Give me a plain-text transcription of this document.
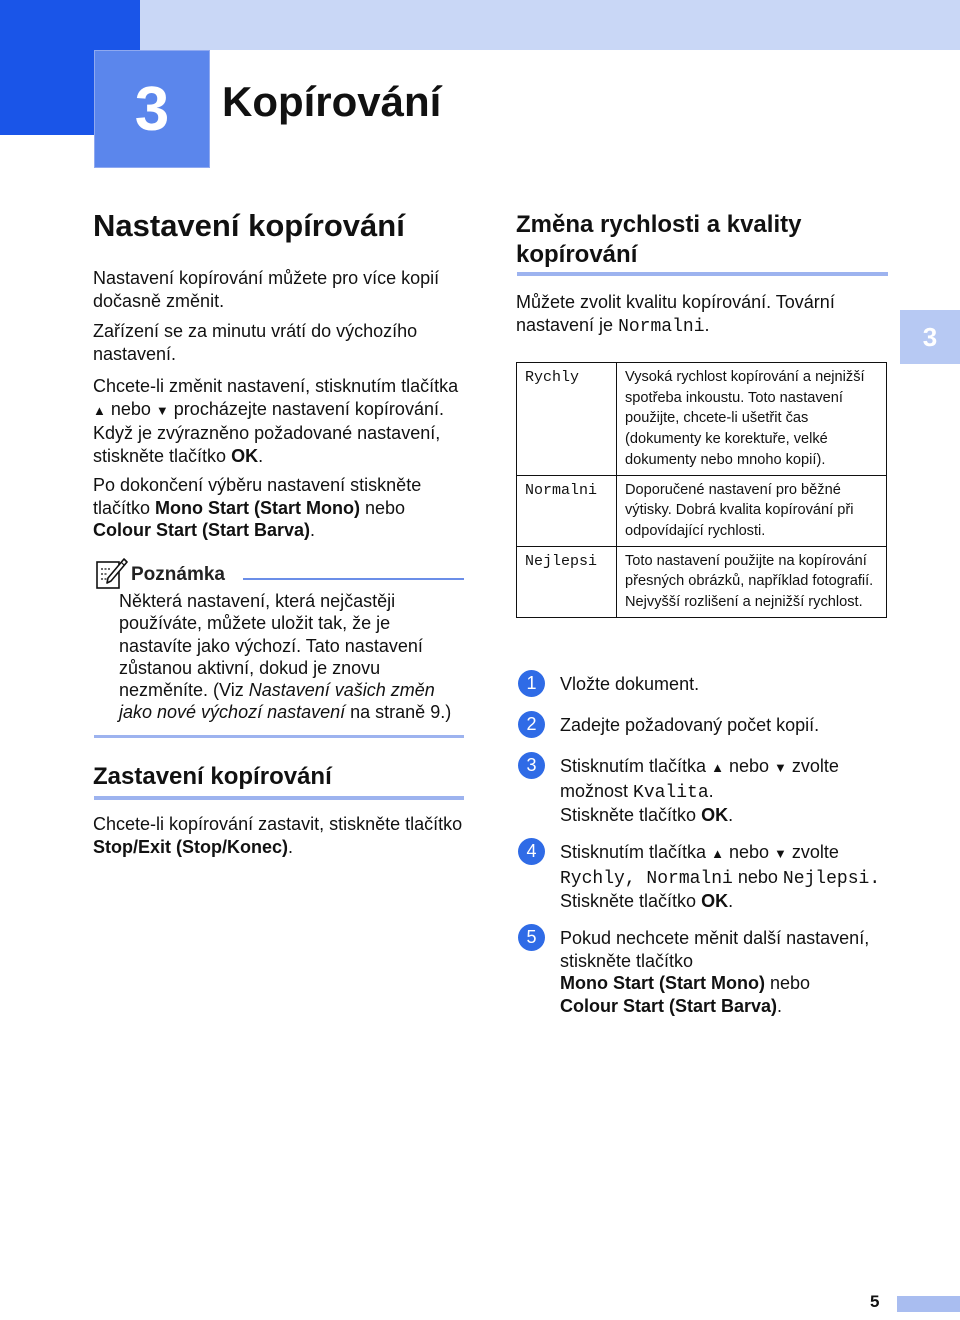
3 Kopírování
Nastavení kopírování

Nastavení kopírování můžete pro více kopií dočasně změnit.

Zařízení se za minutu vrátí do výchozího nastavení.

Chcete-li změnit nastavení, stisknutím tlačítka ▲ nebo ▼ procházejte nastavení kopírování. Když je zvýrazněno požadované nastavení, stiskněte tlačítko OK.

Po dokončení výběru nastavení stiskněte tlačítko Mono Start (Start Mono) nebo Colour Start (Start Barva).

Poznámka
Některá nastavení, která nejčastěji používáte, můžete uložit tak, že je nastavíte jako výchozí. Tato nastavení zůstanou aktivní, dokud je znovu nezměníte. (Viz Nastavení vašich změn jako nové výchozí nastavení na straně 9.)
Zastavení kopírování

Chcete-li kopírování zastavit, stiskněte tlačítko Stop/Exit (Stop/Konec).

Změna rychlosti a kvality kopírování

Můžete zvolit kvalitu kopírování. Tovární nastavení je Normalni.

Rychly	Vysoká rychlost kopírování a nejnižší spotřeba inkoustu. Toto nastavení použijte, chcete-li ušetřit čas (dokumenty ke korektuře, velké dokumenty nebo mnoho kopií).
Normalni	Doporučené nastavení pro běžné výtisky. Dobrá kvalita kopírování při odpovídající rychlosti.
Nejlepsi	Toto nastavení použijte na kopírování přesných obrázků, například fotografií. Nejvyšší rozlišení a nejnižší rychlost.
1	Vložte dokument.

2	Zadejte požadovaný počet kopií.

3	Stisknutím tlačítka ▲ nebo ▼ zvolte možnost Kvalita.

Stiskněte tlačítko OK.

4	Stisknutím tlačítka ▲ nebo ▼ zvolte

Rychly, Normalni nebo Nejlepsi.

Stiskněte tlačítko OK.

5	Pokud nechcete měnit další nastavení, stiskněte tlačítko

Mono Start (Start Mono) nebo

Colour Start (Start Barva).

3
5
